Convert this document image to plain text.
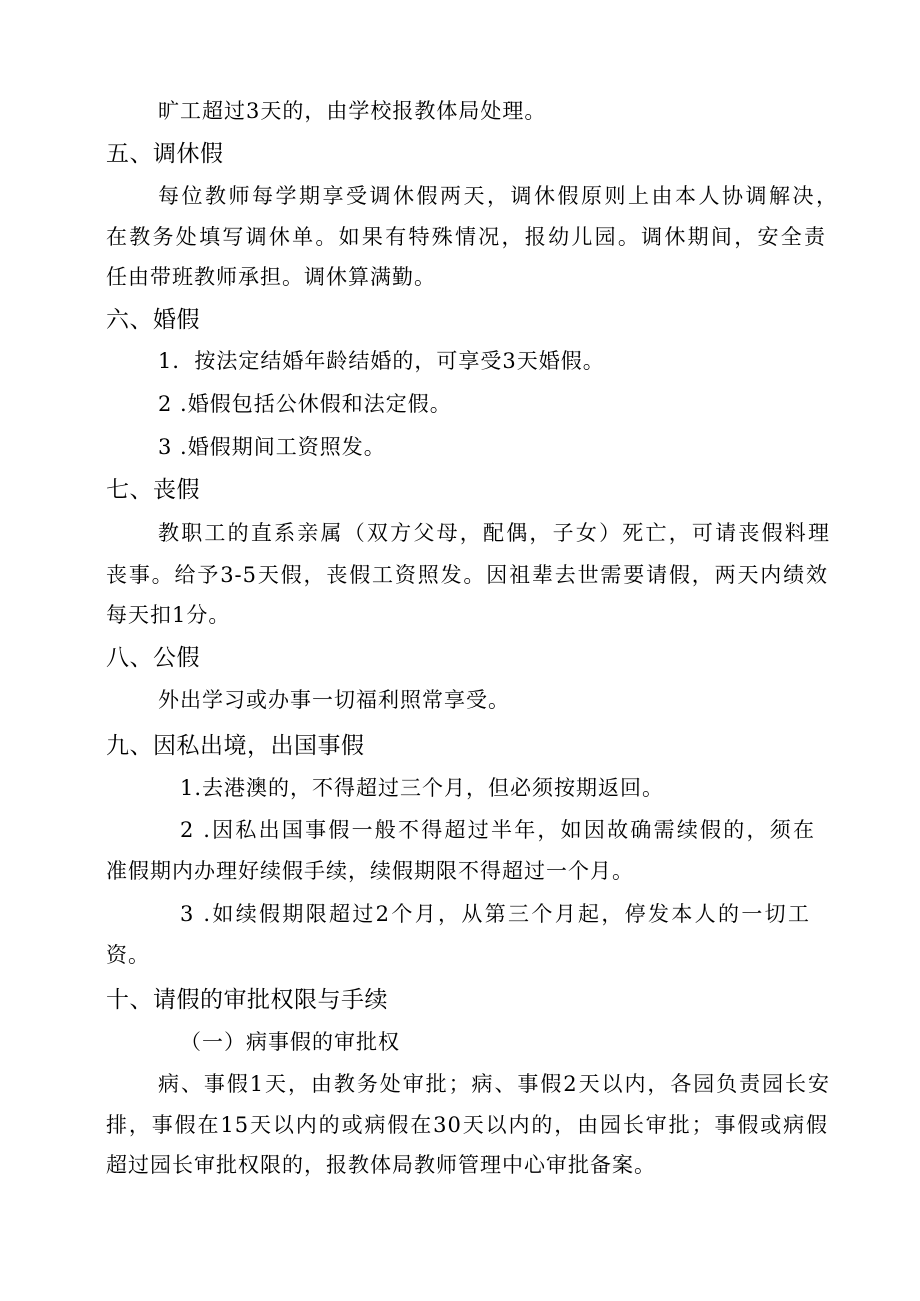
旷工超过3天的，由学校报教体局处理。
五、调休假
每位教师每学期享受调休假两天，调休假原则上由本人协调解决，
在教务处填写调休单。如果有特殊情况，报幼儿园。调休期间，安全责
任由带班教师承担。调休算满勤。
六、婚假
1．按法定结婚年龄结婚的，可享受3天婚假。
2 .婚假包括公休假和法定假。
3 .婚假期间工资照发。
七、丧假
教职工的直系亲属（双方父母，配偶，子女）死亡，可请丧假料理
丧事。给予3-5天假，丧假工资照发。因祖辈去世需要请假，两天内绩效
每天扣1分。
八、公假
外出学习或办事一切福利照常享受。
九、因私出境，出国事假
1.去港澳的，不得超过三个月，但必须按期返回。
2 .因私出国事假一般不得超过半年，如因故确需续假的，须在
准假期内办理好续假手续，续假期限不得超过一个月。
3 .如续假期限超过2个月，从第三个月起，停发本人的一切工
资。
十、请假的审批权限与手续
（一）病事假的审批权
病、事假1天，由教务处审批；病、事假2天以内，各园负责园长安
排，事假在15天以内的或病假在30天以内的，由园长审批；事假或病假
超过园长审批权限的，报教体局教师管理中心审批备案。
